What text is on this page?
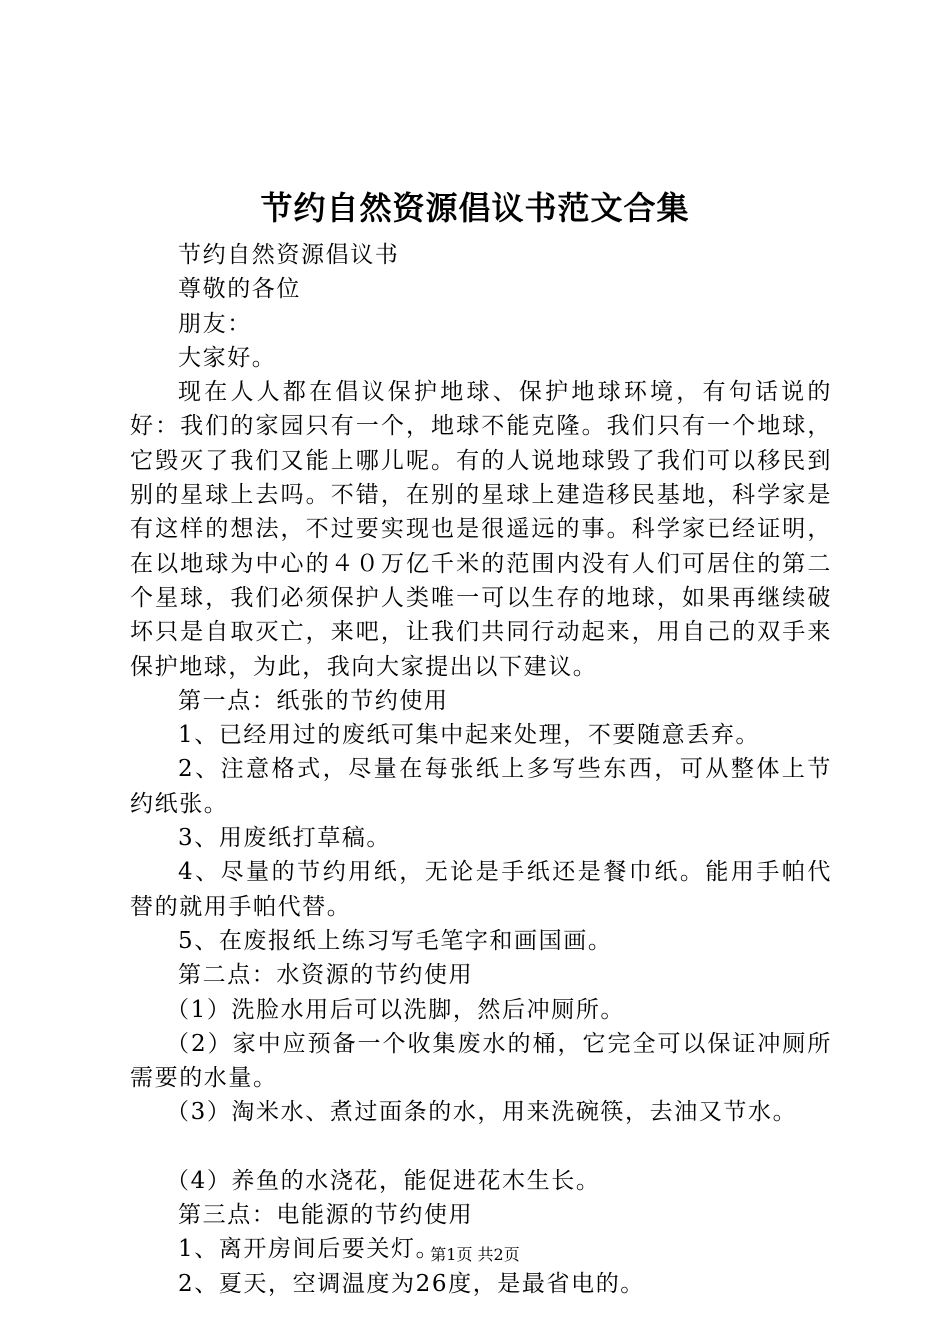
节约自然资源倡议书范文合集

节约自然资源倡议书

尊敬的各位

朋友：

大家好。

现在人人都在倡议保护地球、保护地球环境，有句话说的好：我们的家园只有一个，地球不能克隆。我们只有一个地球，它毁灭了我们又能上哪儿呢。有的人说地球毁了我们可以移民到别的星球上去吗。不错，在别的星球上建造移民基地，科学家是有这样的想法，不过要实现也是很遥远的事。科学家已经证明，在以地球为中心的４０万亿千米的范围内没有人们可居住的第二个星球，我们必须保护人类唯一可以生存的地球，如果再继续破坏只是自取灭亡，来吧，让我们共同行动起来，用自己的双手来保护地球，为此，我向大家提出以下建议。

第一点：纸张的节约使用

1、已经用过的废纸可集中起来处理，不要随意丢弃。

2、注意格式，尽量在每张纸上多写些东西，可从整体上节约纸张。

3、用废纸打草稿。

4、尽量的节约用纸，无论是手纸还是餐巾纸。能用手帕代替的就用手帕代替。

5、在废报纸上练习写毛笔字和画国画。

第二点：水资源的节约使用

（1）洗脸水用后可以洗脚，然后冲厕所。

（2）家中应预备一个收集废水的桶，它完全可以保证冲厕所需要的水量。

（3）淘米水、煮过面条的水，用来洗碗筷，去油又节水。

（4）养鱼的水浇花，能促进花木生长。

第三点：电能源的节约使用

1、离开房间后要关灯。

2、夏天，空调温度为26度，是最省电的。

第1页 共2页
